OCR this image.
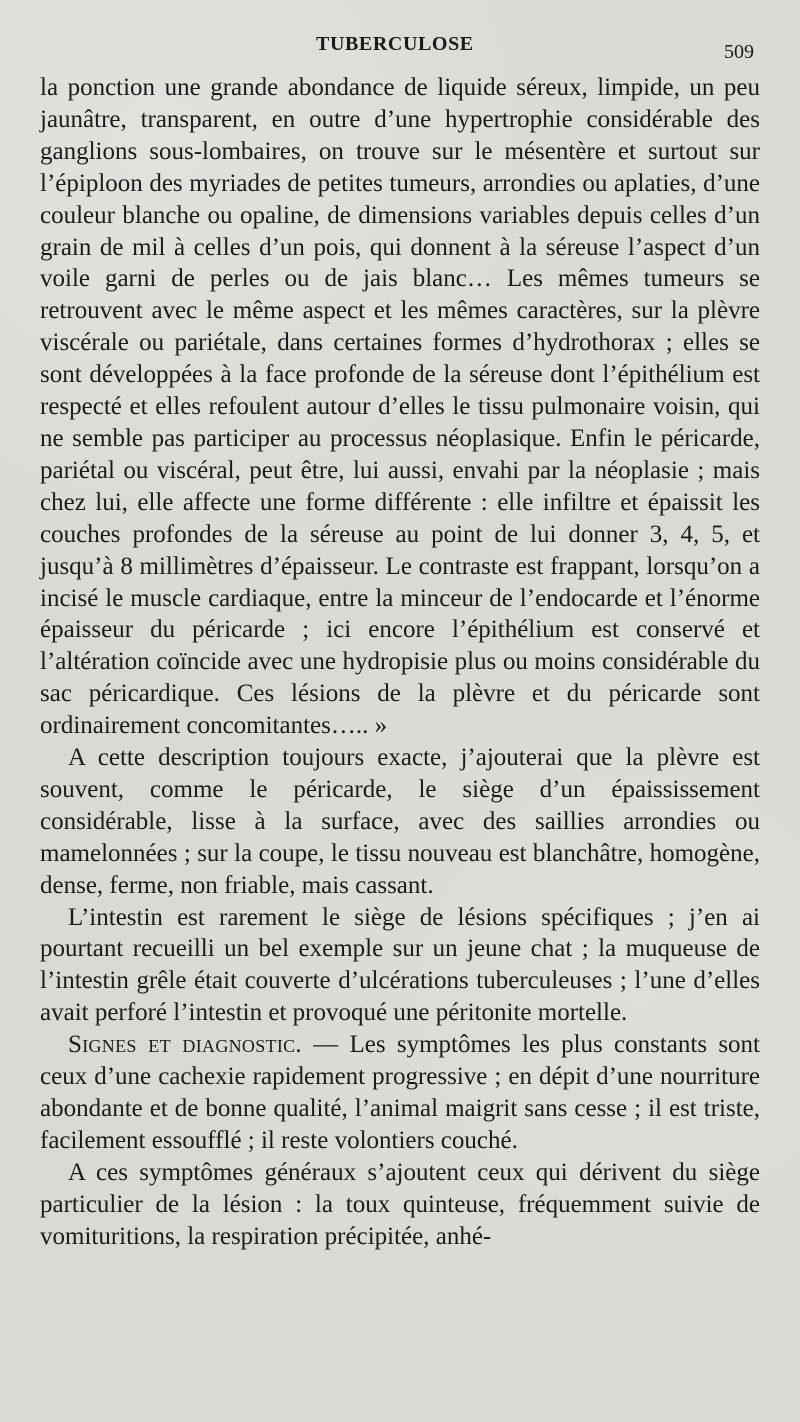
TUBERCULOSE	509

la ponction une grande abondance de liquide séreux, limpide, un peu jaunâtre, transparent, en outre d’une hypertrophie considérable des ganglions sous-lombaires, on trouve sur le mésentère et surtout sur l’épiploon des myriades de petites tumeurs, arrondies ou aplaties, d’une couleur blanche ou opaline, de dimensions variables depuis celles d’un grain de mil à celles d’un pois, qui donnent à la séreuse l’aspect d’un voile garni de perles ou de jais blanc… Les mêmes tumeurs se retrouvent avec le même aspect et les mêmes caractères, sur la plèvre viscérale ou pariétale, dans certaines formes d’hydrothorax ; elles se sont développées à la face profonde de la séreuse dont l’épithélium est respecté et elles refoulent autour d’elles le tissu pulmonaire voisin, qui ne semble pas participer au processus néoplasique. Enfin le péricarde, pariétal ou viscéral, peut être, lui aussi, envahi par la néoplasie ; mais chez lui, elle affecte une forme différente : elle infiltre et épaissit les couches profondes de la séreuse au point de lui donner 3, 4, 5, et jusqu’à 8 millimètres d’épaisseur. Le contraste est frappant, lorsqu’on a incisé le muscle cardiaque, entre la minceur de l’endocarde et l’énorme épaisseur du péricarde ; ici encore l’épithélium est conservé et l’altération coïncide avec une hydropisie plus ou moins considérable du sac péricardique. Ces lésions de la plèvre et du péricarde sont ordinairement concomitantes….. »

A cette description toujours exacte, j’ajouterai que la plèvre est souvent, comme le péricarde, le siège d’un épaississement considérable, lisse à la surface, avec des saillies arrondies ou mamelonnées ; sur la coupe, le tissu nouveau est blanchâtre, homogène, dense, ferme, non friable, mais cassant.

L’intestin est rarement le siège de lésions spécifiques ; j’en ai pourtant recueilli un bel exemple sur un jeune chat ; la muqueuse de l’intestin grêle était couverte d’ulcérations tuberculeuses ; l’une d’elles avait perforé l’intestin et provoqué une péritonite mortelle.

Signes et diagnostic. — Les symptômes les plus constants sont ceux d’une cachexie rapidement progressive ; en dépit d’une nourriture abondante et de bonne qualité, l’animal maigrit sans cesse ; il est triste, facilement essoufflé ; il reste volontiers couché.

A ces symptômes généraux s’ajoutent ceux qui dérivent du siège particulier de la lésion : la toux quinteuse, fréquemment suivie de vomituritions, la respiration précipitée, anhé-
